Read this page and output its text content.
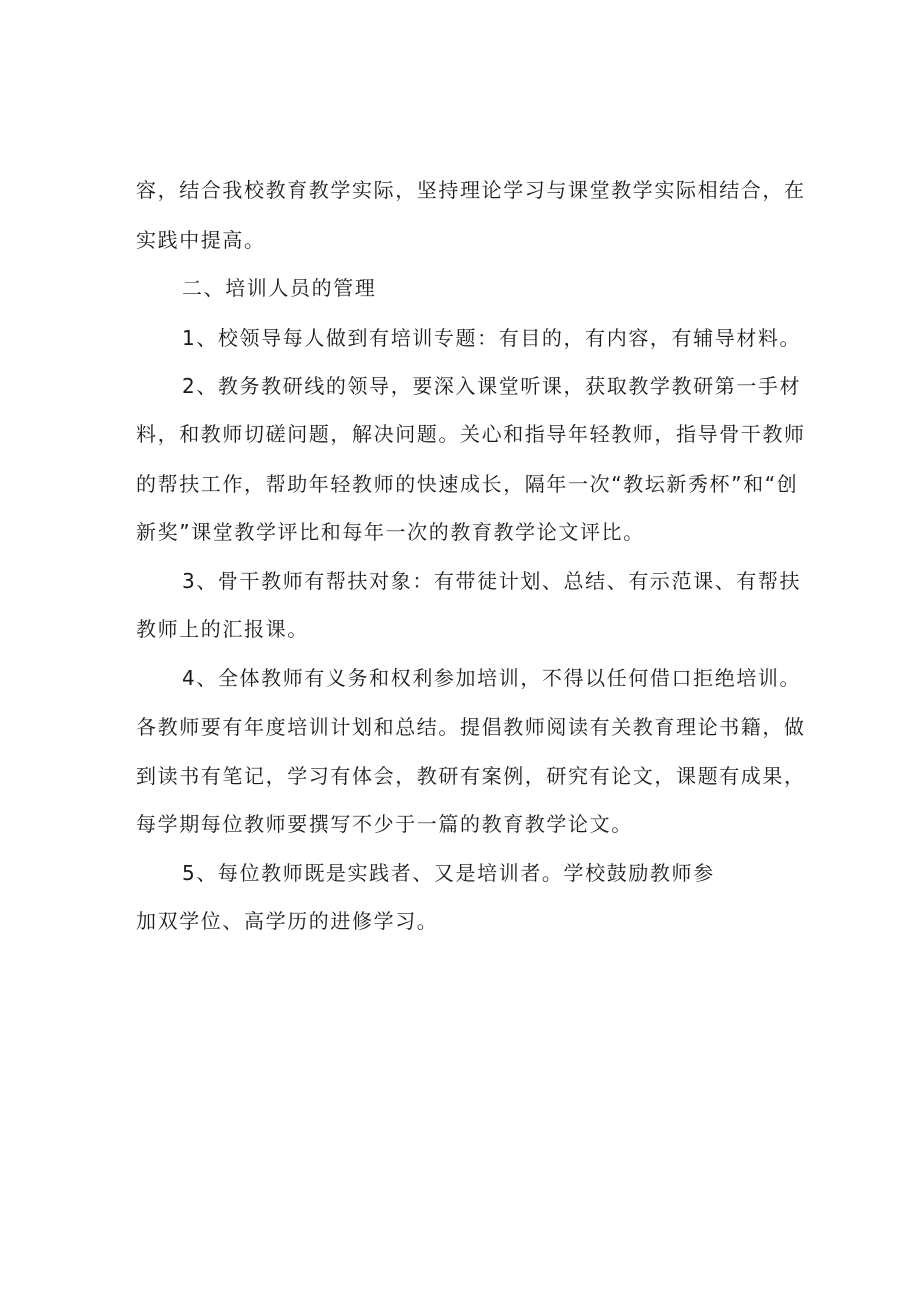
容，结合我校教育教学实际，坚持理论学习与课堂教学实际相结合，在
实践中提高。
二、培训人员的管理
1、校领导每人做到有培训专题：有目的，有内容，有辅导材料。
2、教务教研线的领导，要深入课堂听课，获取教学教研第一手材
料，和教师切磋问题，解决问题。关心和指导年轻教师，指导骨干教师
的帮扶工作，帮助年轻教师的快速成长，隔年一次“教坛新秀杯”和“创
新奖”课堂教学评比和每年一次的教育教学论文评比。
3、骨干教师有帮扶对象：有带徒计划、总结、有示范课、有帮扶
教师上的汇报课。
4、全体教师有义务和权利参加培训，不得以任何借口拒绝培训。
各教师要有年度培训计划和总结。提倡教师阅读有关教育理论书籍，做
到读书有笔记，学习有体会，教研有案例，研究有论文，课题有成果，
每学期每位教师要撰写不少于一篇的教育教学论文。
5、每位教师既是实践者、又是培训者。学校鼓励教师参
加双学位、高学历的进修学习。
